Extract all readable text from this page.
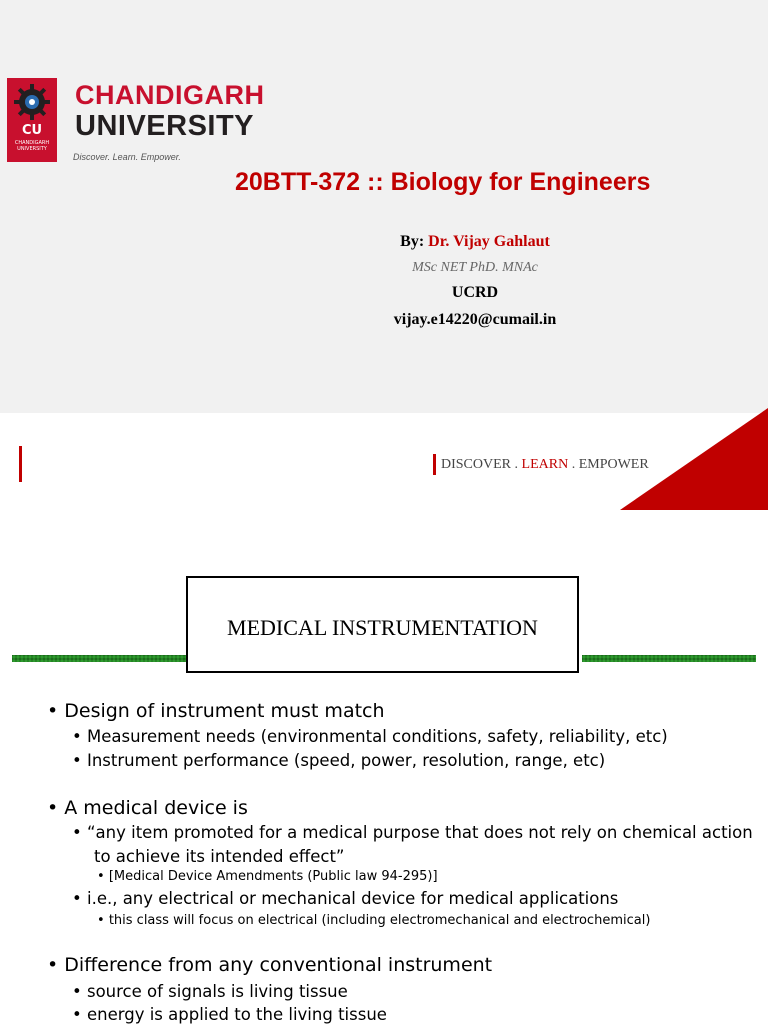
CU
CHANDIGARH UNIVERSITY
CHANDIGARH
UNIVERSITY
Discover. Learn. Empower.
20BTT-372 :: Biology for Engineers
By: Dr. Vijay Gahlaut
MSc NET PhD. MNAc
UCRD
vijay.e14220@cumail.in
DISCOVER . LEARN . EMPOWER
MEDICAL INSTRUMENTATION
• Design of instrument must match
• Measurement needs (environmental conditions, safety, reliability, etc)
• Instrument performance (speed, power, resolution, range, etc)
• A medical device is
• “any item promoted for a medical purpose that does not rely on chemical action
to achieve its intended effect”
• [Medical Device Amendments (Public law 94-295)]
• i.e., any electrical or mechanical device for medical applications
• this class will focus on electrical (including electromechanical and electrochemical)
• Difference from any conventional instrument
• source of signals is living tissue
• energy is applied to the living tissue
